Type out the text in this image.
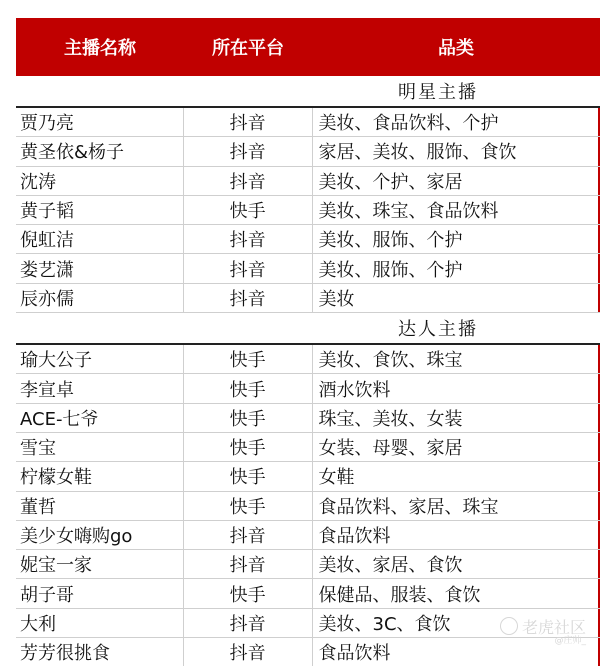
主播名称	所在平台	品类
明星主播
贾乃亮	抖音	美妆、食品饮料、个护
黄圣依&杨子	抖音	家居、美妆、服饰、食饮
沈涛	抖音	美妆、个护、家居
黄子韬	快手	美妆、珠宝、食品饮料
倪虹洁	抖音	美妆、服饰、个护
娄艺潇	抖音	美妆、服饰、个护
辰亦儒	抖音	美妆
达人主播
瑜大公子	快手	美妆、食饮、珠宝
李宣卓	快手	酒水饮料
ACE-七爷	快手	珠宝、美妆、女装
雪宝	快手	女装、母婴、家居
柠檬女鞋	快手	女鞋
董哲	快手	食品饮料、家居、珠宝
美少女嗨购go	抖音	食品饮料
妮宝一家	抖音	美妆、家居、食饮
胡子哥	快手	保健品、服装、食饮
大利	抖音	美妆、3C、食饮
芳芳很挑食	抖音	食品饮料
老虎社区
@庄帅_
